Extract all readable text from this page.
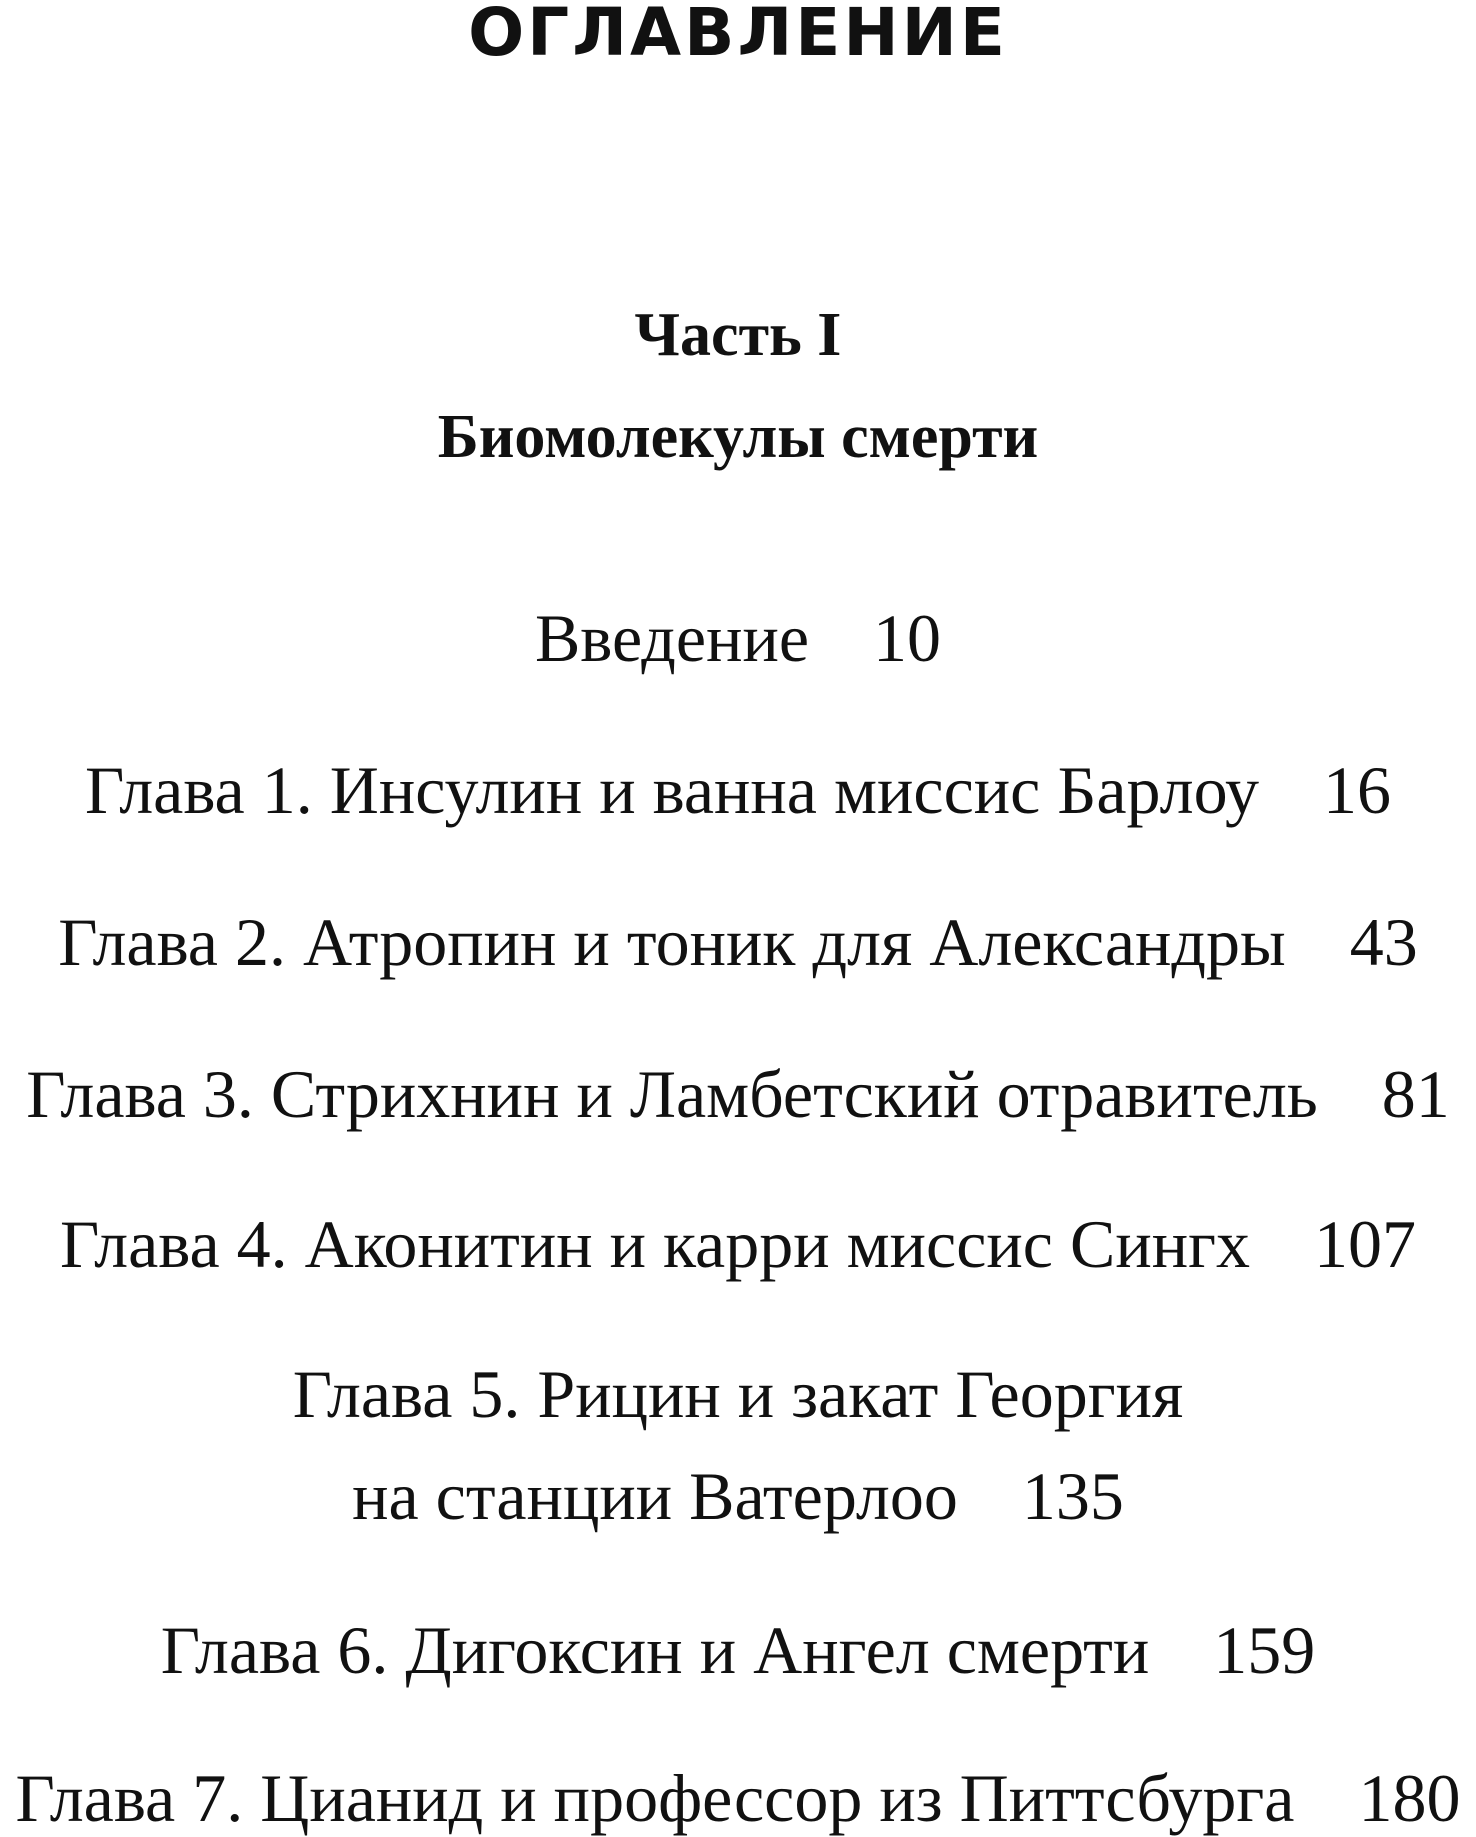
ОГЛАВЛЕНИЕ
Часть I
Биомолекулы смерти
Введение 10
Глава 1. Инсулин и ванна миссис Барлоу 16
Глава 2. Атропин и тоник для Александры 43
Глава 3. Стрихнин и Ламбетский отравитель 81
Глава 4. Аконитин и карри миссис Сингх 107
Глава 5. Рицин и закат Георгия
на станции Ватерлоо 135
Глава 6. Дигоксин и Ангел смерти 159
Глава 7. Цианид и профессор из Питтсбурга 180
